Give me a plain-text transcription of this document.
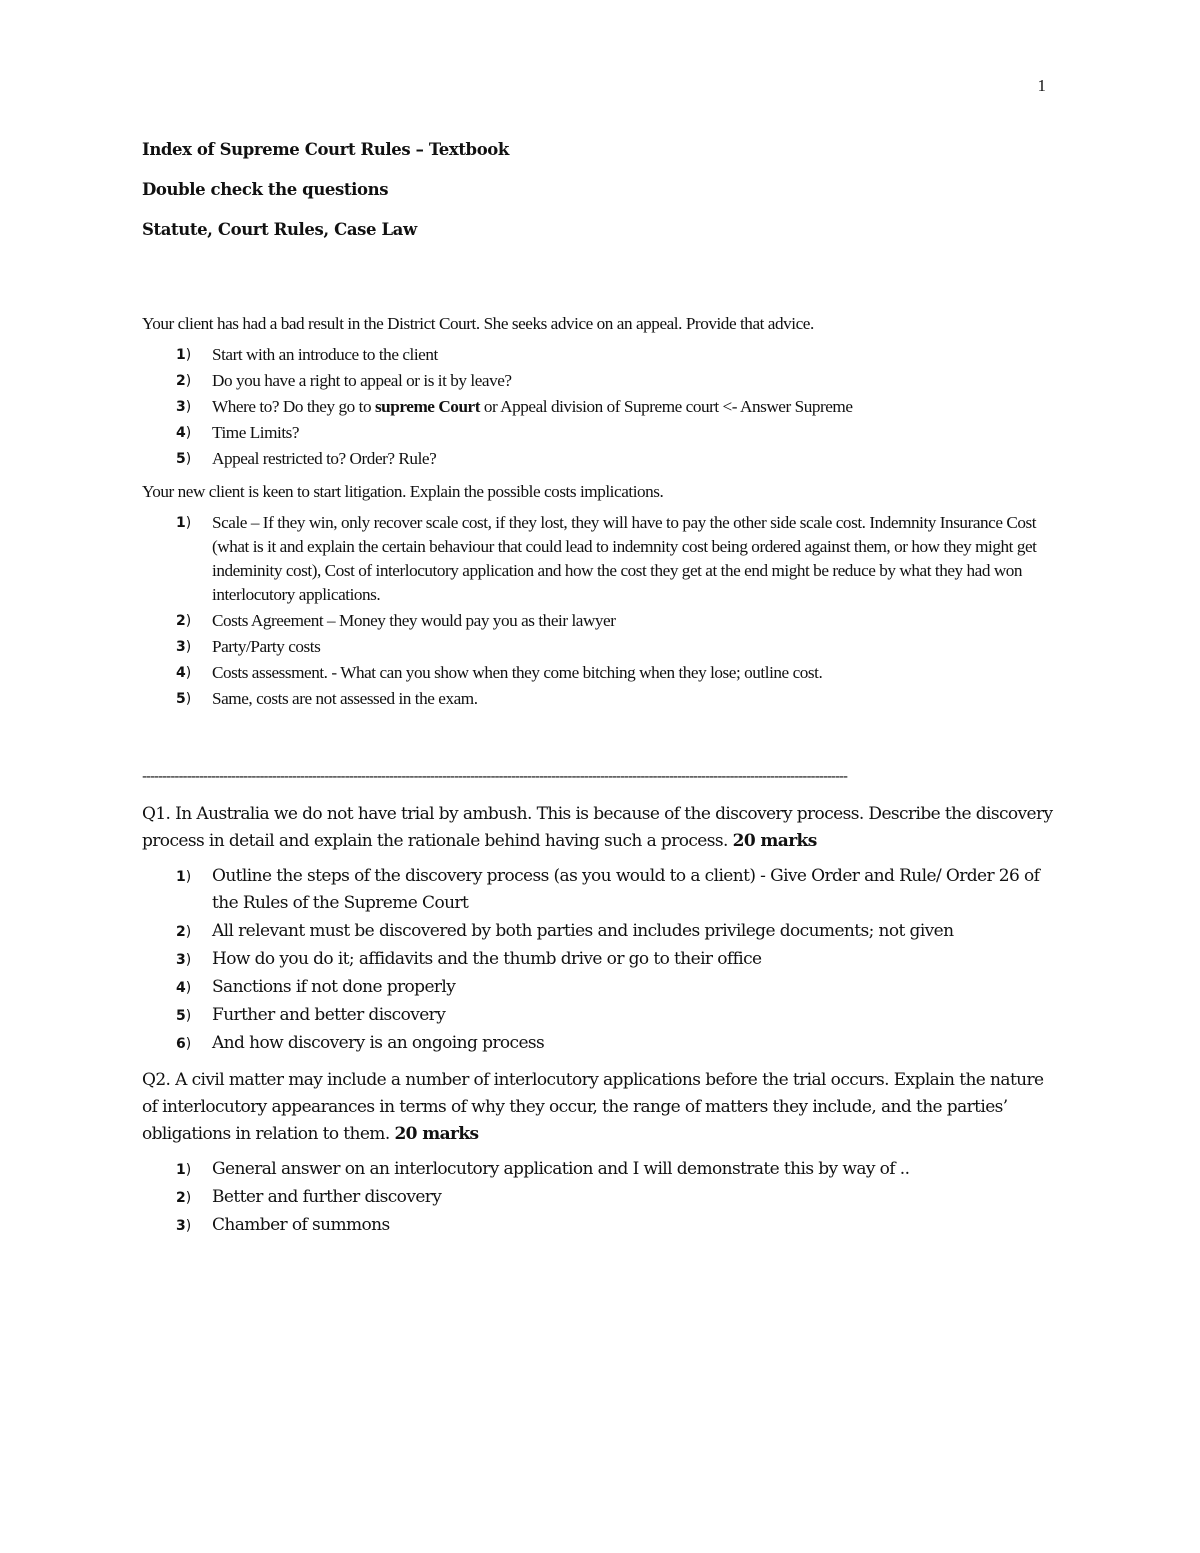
1

Index of Supreme Court Rules – Textbook

Double check the questions

Statute, Court Rules, Case Law

Your client has had a bad result in the District Court. She seeks advice on an appeal. Provide that advice.

1) Start with an introduce to the client
2) Do you have a right to appeal or is it by leave?
3) Where to? Do they go to supreme Court or Appeal division of Supreme court <- Answer Supreme
4) Time Limits?
5) Appeal restricted to? Order? Rule?

Your new client is keen to start litigation. Explain the possible costs implications.

1) Scale – If they win, only recover scale cost, if they lost, they will have to pay the other side scale cost. Indemnity Insurance Cost (what is it and explain the certain behaviour that could lead to indemnity cost being ordered against them, or how they might get indeminity cost), Cost of interlocutory application and how the cost they get at the end might be reduce by what they had won interlocutory applications.
2) Costs Agreement – Money they would pay you as their lawyer
3) Party/Party costs
4) Costs assessment. - What can you show when they come bitching when they lose; outline cost.
5) Same, costs are not assessed in the exam.
------------------------------------------------------------------------------------------------------------------------------------------------------------------------------

Q1. In Australia we do not have trial by ambush. This is because of the discovery process. Describe the discovery process in detail and explain the rationale behind having such a process. 20 marks

1) Outline the steps of the discovery process (as you would to a client) - Give Order and Rule/ Order 26 of the Rules of the Supreme Court
2) All relevant must be discovered by both parties and includes privilege documents; not given
3) How do you do it; affidavits and the thumb drive or go to their office
4) Sanctions if not done properly
5) Further and better discovery
6) And how discovery is an ongoing process

Q2. A civil matter may include a number of interlocutory applications before the trial occurs. Explain the nature of interlocutory appearances in terms of why they occur, the range of matters they include, and the parties’ obligations in relation to them. 20 marks

1) General answer on an interlocutory application and I will demonstrate this by way of ..
2) Better and further discovery
3) Chamber of summons
